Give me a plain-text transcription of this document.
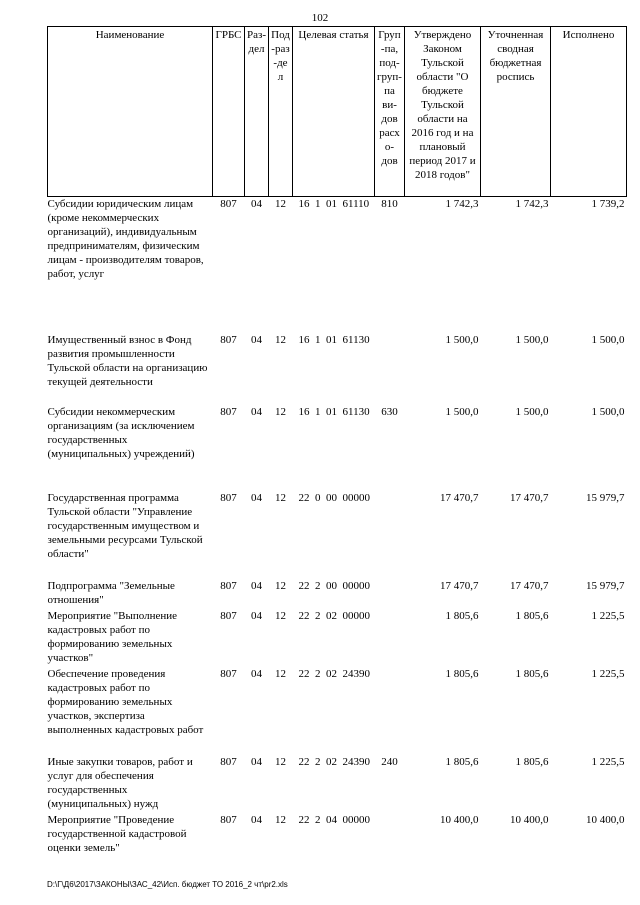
102
Наименование	ГРБС	Раз-дел	Под-раз-дел	Целевая статья	Груп-па, под-груп-па ви-дов расхо-дов	Утверждено Законом Тульской области "О бюджете Тульской области на 2016 год и на плановый период 2017 и 2018 годов"	Уточненная сводная бюджетная роспись	Исполнено
Субсидии юридическим лицам (кроме некоммерческих организаций), индивидуальным предпринимателям, физическим лицам - производителям товаров, работ, услуг	807	04	12	16  1  01  61110	810	1 742,3	1 742,3	1 739,2
Имущественный взнос в Фонд развития промышленности Тульской области на организацию текущей деятельности	807	04	12	16  1  01  61130		1 500,0	1 500,0	1 500,0
Субсидии некоммерческим организациям (за исключением государственных (муниципальных) учреждений)	807	04	12	16  1  01  61130	630	1 500,0	1 500,0	1 500,0
Государственная программа Тульской области "Управление государственным имуществом и земельными ресурсами Тульской области"	807	04	12	22  0  00  00000		17 470,7	17 470,7	15 979,7
Подпрограмма "Земельные отношения"	807	04	12	22  2  00  00000		17 470,7	17 470,7	15 979,7
Мероприятие "Выполнение кадастровых работ по формированию земельных участков"	807	04	12	22  2  02  00000		1 805,6	1 805,6	1 225,5
Обеспечение проведения кадастровых работ по формированию земельных участков, экспертиза выполненных кадастровых работ	807	04	12	22  2  02  24390		1 805,6	1 805,6	1 225,5
Иные закупки товаров, работ и услуг для обеспечения государственных (муниципальных) нужд	807	04	12	22  2  02  24390	240	1 805,6	1 805,6	1 225,5
Мероприятие "Проведение государственной кадастровой оценки земель"	807	04	12	22  2  04  00000		10 400,0	10 400,0	10 400,0
D:\Г\Д6\2017\ЗАКОНЫ\ЗАС_42\Исп. бюджет ТО 2016_2 чт\pr2.xls
